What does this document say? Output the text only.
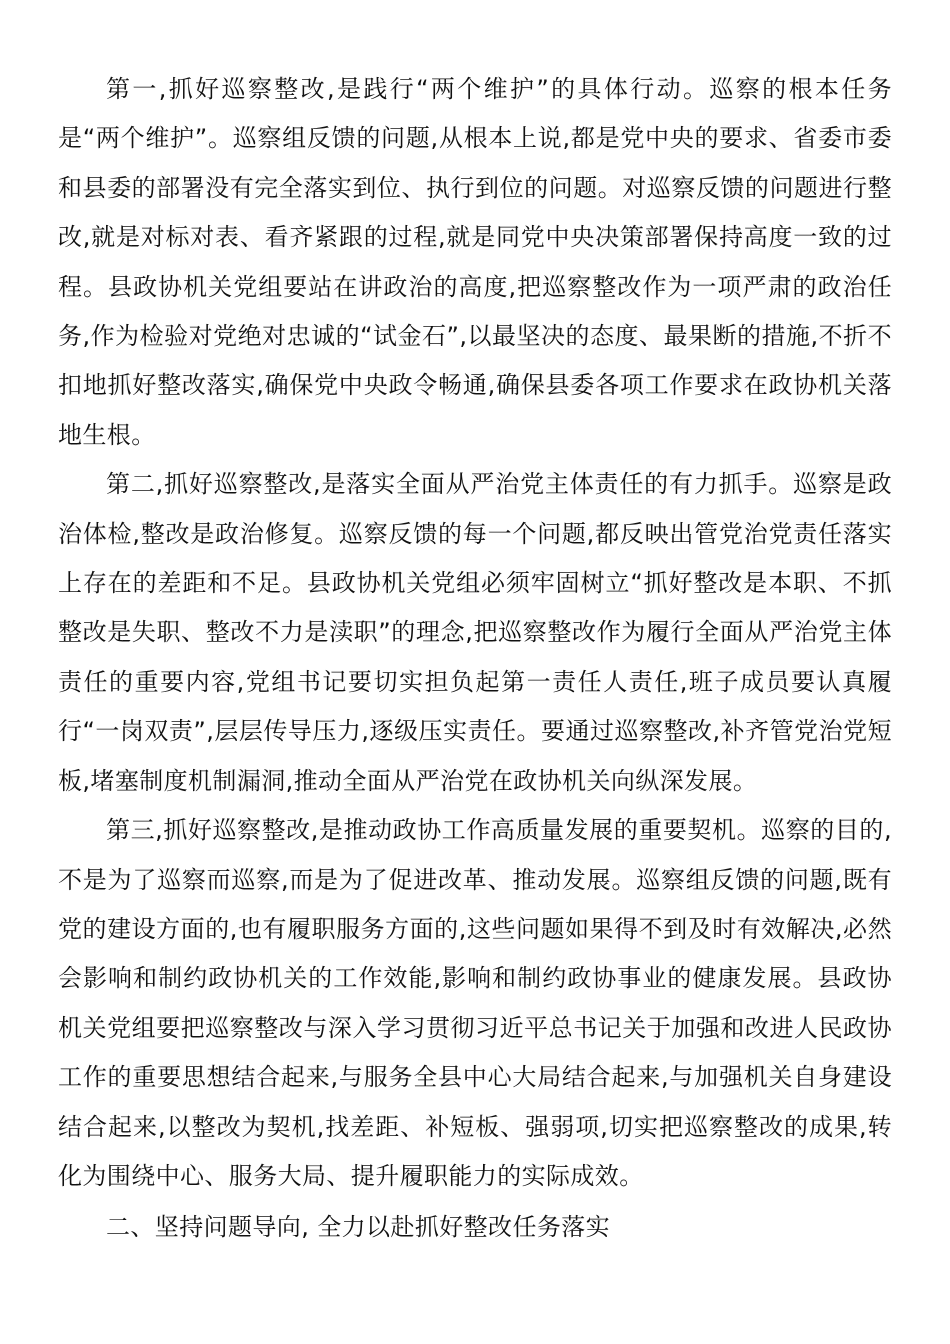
第一,抓好巡察整改,是践行“两个维护”的具体行动。巡察的根本任务是“两个维护”。巡察组反馈的问题,从根本上说,都是党中央的要求、省委市委和县委的部署没有完全落实到位、执行到位的问题。对巡察反馈的问题进行整改,就是对标对表、看齐紧跟的过程,就是同党中央决策部署保持高度一致的过程。县政协机关党组要站在讲政治的高度,把巡察整改作为一项严肃的政治任务,作为检验对党绝对忠诚的“试金石”,以最坚决的态度、最果断的措施,不折不扣地抓好整改落实,确保党中央政令畅通,确保县委各项工作要求在政协机关落地生根。

第二,抓好巡察整改,是落实全面从严治党主体责任的有力抓手。巡察是政治体检,整改是政治修复。巡察反馈的每一个问题,都反映出管党治党责任落实上存在的差距和不足。县政协机关党组必须牢固树立“抓好整改是本职、不抓整改是失职、整改不力是渎职”的理念,把巡察整改作为履行全面从严治党主体责任的重要内容,党组书记要切实担负起第一责任人责任,班子成员要认真履行“一岗双责”,层层传导压力,逐级压实责任。要通过巡察整改,补齐管党治党短板,堵塞制度机制漏洞,推动全面从严治党在政协机关向纵深发展。

第三,抓好巡察整改,是推动政协工作高质量发展的重要契机。巡察的目的,不是为了巡察而巡察,而是为了促进改革、推动发展。巡察组反馈的问题,既有党的建设方面的,也有履职服务方面的,这些问题如果得不到及时有效解决,必然会影响和制约政协机关的工作效能,影响和制约政协事业的健康发展。县政协机关党组要把巡察整改与深入学习贯彻习近平总书记关于加强和改进人民政协工作的重要思想结合起来,与服务全县中心大局结合起来,与加强机关自身建设结合起来,以整改为契机,找差距、补短板、强弱项,切实把巡察整改的成果,转化为围绕中心、服务大局、提升履职能力的实际成效。

二、坚持问题导向, 全力以赴抓好整改任务落实
